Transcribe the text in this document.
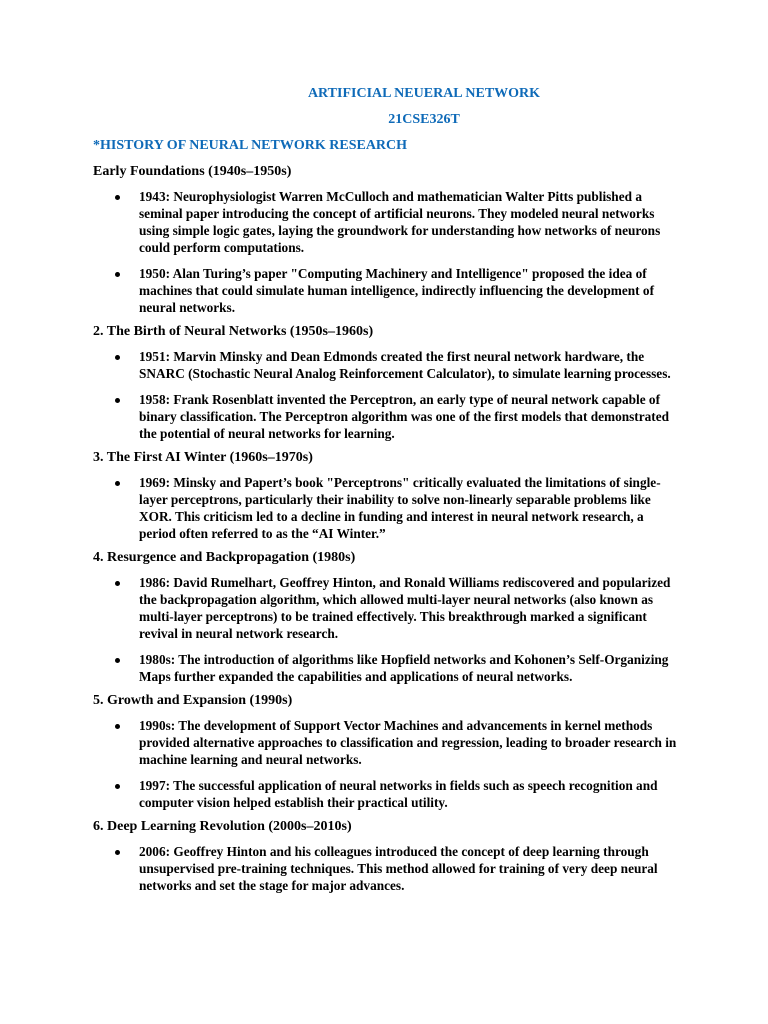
ARTIFICIAL NEUERAL NETWORK
21CSE326T
*HISTORY OF NEURAL NETWORK RESEARCH
Early Foundations (1940s–1950s)
1943: Neurophysiologist Warren McCulloch and mathematician Walter Pitts published a seminal paper introducing the concept of artificial neurons. They modeled neural networks using simple logic gates, laying the groundwork for understanding how networks of neurons could perform computations.
1950: Alan Turing’s paper "Computing Machinery and Intelligence" proposed the idea of machines that could simulate human intelligence, indirectly influencing the development of neural networks.
2. The Birth of Neural Networks (1950s–1960s)
1951: Marvin Minsky and Dean Edmonds created the first neural network hardware, the SNARC (Stochastic Neural Analog Reinforcement Calculator), to simulate learning processes.
1958: Frank Rosenblatt invented the Perceptron, an early type of neural network capable of binary classification. The Perceptron algorithm was one of the first models that demonstrated the potential of neural networks for learning.
3. The First AI Winter (1960s–1970s)
1969: Minsky and Papert’s book "Perceptrons" critically evaluated the limitations of single-layer perceptrons, particularly their inability to solve non-linearly separable problems like XOR. This criticism led to a decline in funding and interest in neural network research, a period often referred to as the “AI Winter.”
4. Resurgence and Backpropagation (1980s)
1986: David Rumelhart, Geoffrey Hinton, and Ronald Williams rediscovered and popularized the backpropagation algorithm, which allowed multi-layer neural networks (also known as multi-layer perceptrons) to be trained effectively. This breakthrough marked a significant revival in neural network research.
1980s: The introduction of algorithms like Hopfield networks and Kohonen’s Self-Organizing Maps further expanded the capabilities and applications of neural networks.
5. Growth and Expansion (1990s)
1990s: The development of Support Vector Machines and advancements in kernel methods provided alternative approaches to classification and regression, leading to broader research in machine learning and neural networks.
1997: The successful application of neural networks in fields such as speech recognition and computer vision helped establish their practical utility.
6. Deep Learning Revolution (2000s–2010s)
2006: Geoffrey Hinton and his colleagues introduced the concept of deep learning through unsupervised pre-training techniques. This method allowed for training of very deep neural networks and set the stage for major advances.
